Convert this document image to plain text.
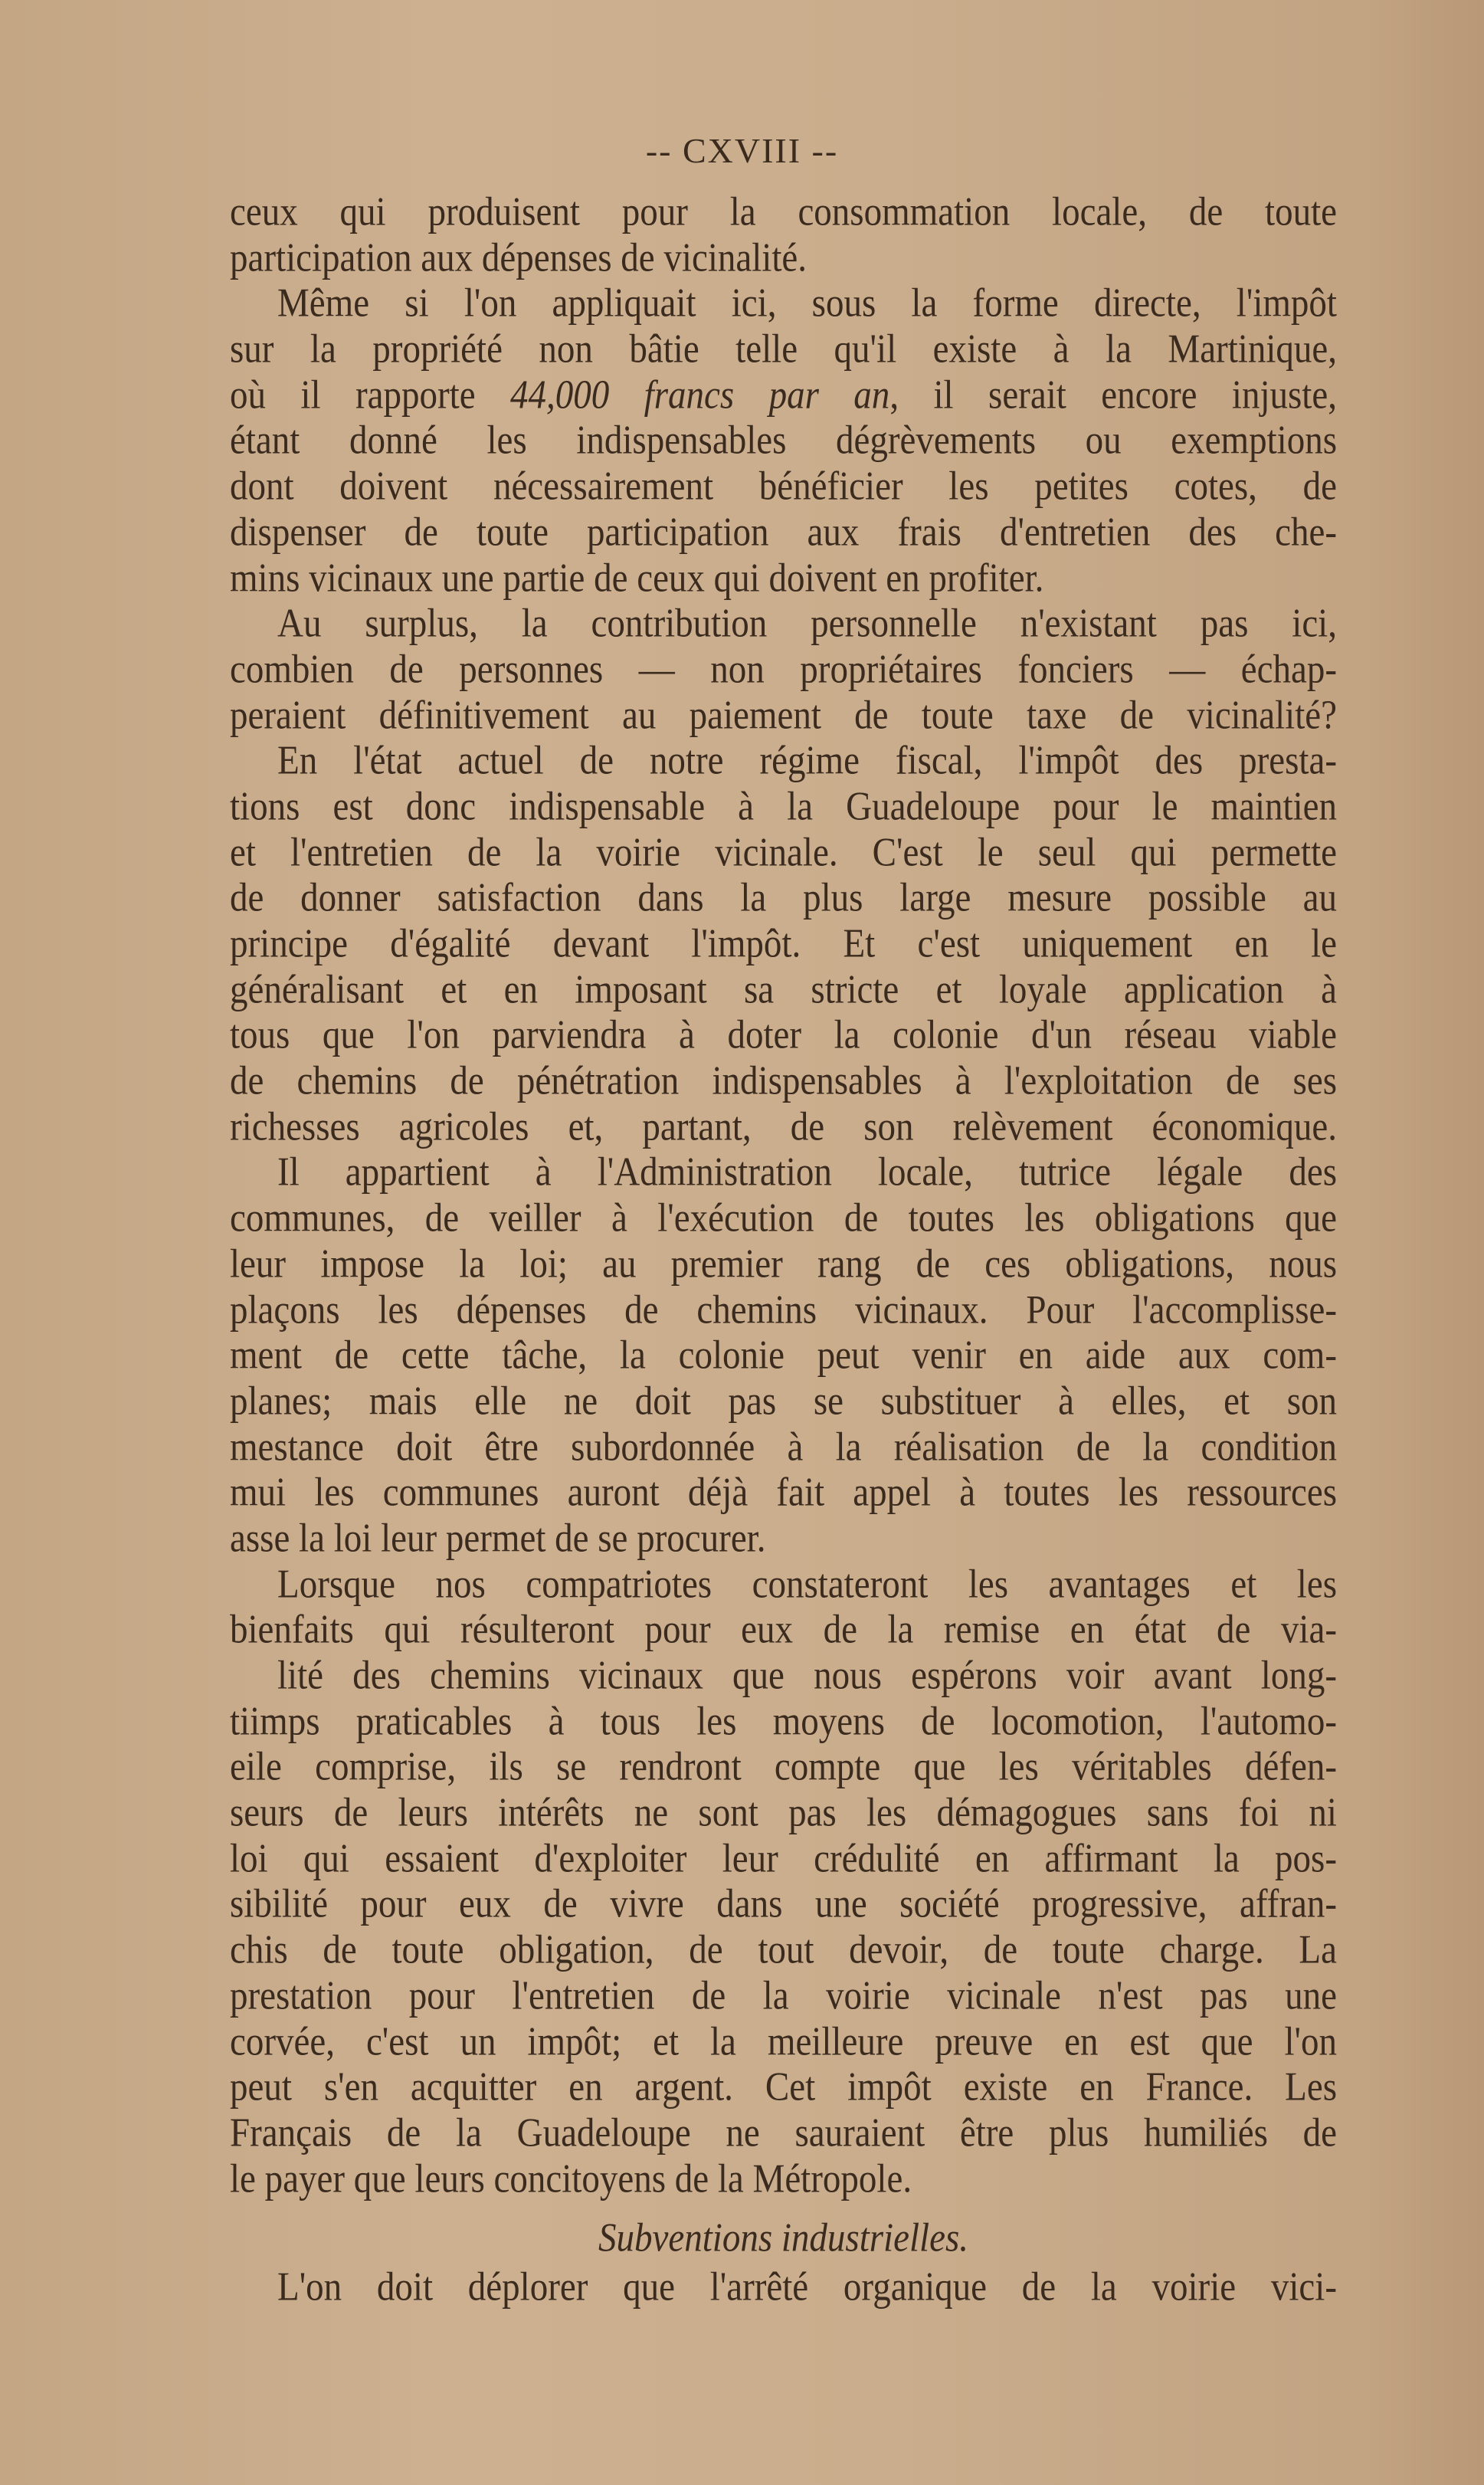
-- CXVIII --
ceux qui produisent pour la consommation locale, de toute
participation aux dépenses de vicinalité.
Même si l'on appliquait ici, sous la forme directe, l'impôt
sur la propriété non bâtie telle qu'il existe à la Martinique,
où il rapporte 44,000 francs par an, il serait encore injuste,
étant donné les indispensables dégrèvements ou exemptions
dont doivent nécessairement bénéficier les petites cotes, de
dispenser de toute participation aux frais d'entretien des che-
mins vicinaux une partie de ceux qui doivent en profiter.
Au surplus, la contribution personnelle n'existant pas ici,
combien de personnes — non propriétaires fonciers — échap-
peraient définitivement au paiement de toute taxe de vicinalité?
En l'état actuel de notre régime fiscal, l'impôt des presta-
tions est donc indispensable à la Guadeloupe pour le maintien
et l'entretien de la voirie vicinale. C'est le seul qui permette
de donner satisfaction dans la plus large mesure possible au
principe d'égalité devant l'impôt. Et c'est uniquement en le
généralisant et en imposant sa stricte et loyale application à
tous que l'on parviendra à doter la colonie d'un réseau viable
de chemins de pénétration indispensables à l'exploitation de ses
richesses agricoles et, partant, de son relèvement économique.
Il appartient à l'Administration locale, tutrice légale des
communes, de veiller à l'exécution de toutes les obligations que
leur impose la loi; au premier rang de ces obligations, nous
plaçons les dépenses de chemins vicinaux. Pour l'accomplisse-
ment de cette tâche, la colonie peut venir en aide aux com-
planes; mais elle ne doit pas se substituer à elles, et son
mestance doit être subordonnée à la réalisation de la condition
mui les communes auront déjà fait appel à toutes les ressources
asse la loi leur permet de se procurer.
Lorsque nos compatriotes constateront les avantages et les
bienfaits qui résulteront pour eux de la remise en état de via-
lité des chemins vicinaux que nous espérons voir avant long-
tiimps praticables à tous les moyens de locomotion, l'automo-
eile comprise, ils se rendront compte que les véritables défen-
seurs de leurs intérêts ne sont pas les démagogues sans foi ni
loi qui essaient d'exploiter leur crédulité en affirmant la pos-
sibilité pour eux de vivre dans une société progressive, affran-
chis de toute obligation, de tout devoir, de toute charge. La
prestation pour l'entretien de la voirie vicinale n'est pas une
corvée, c'est un impôt; et la meilleure preuve en est que l'on
peut s'en acquitter en argent. Cet impôt existe en France. Les
Français de la Guadeloupe ne sauraient être plus humiliés de
le payer que leurs concitoyens de la Métropole.
Subventions industrielles.
L'on doit déplorer que l'arrêté organique de la voirie vici-
